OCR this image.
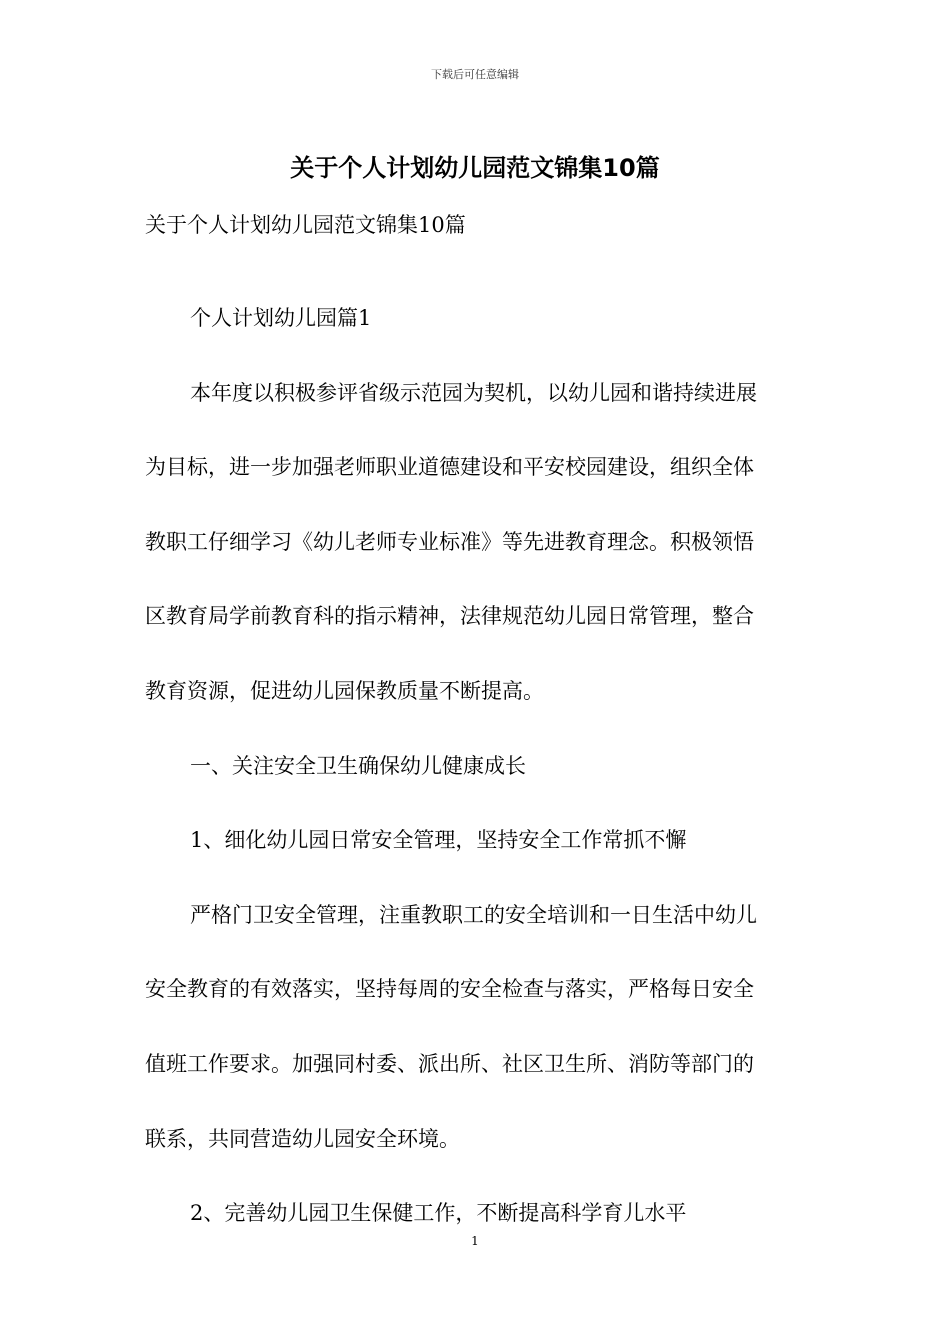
下载后可任意编辑
关于个人计划幼儿园范文锦集10篇

关于个人计划幼儿园范文锦集10篇

个人计划幼儿园篇1

本年度以积极参评省级示范园为契机，以幼儿园和谐持续进展

为目标，进一步加强老师职业道德建设和平安校园建设，组织全体

教职工仔细学习《幼儿老师专业标准》等先进教育理念。积极领悟

区教育局学前教育科的指示精神，法律规范幼儿园日常管理，整合

教育资源，促进幼儿园保教质量不断提高。

一、关注安全卫生确保幼儿健康成长

1、细化幼儿园日常安全管理，坚持安全工作常抓不懈

严格门卫安全管理，注重教职工的安全培训和一日生活中幼儿

安全教育的有效落实，坚持每周的安全检查与落实，严格每日安全

值班工作要求。加强同村委、派出所、社区卫生所、消防等部门的

联系，共同营造幼儿园安全环境。

2、完善幼儿园卫生保健工作，不断提高科学育儿水平

1
